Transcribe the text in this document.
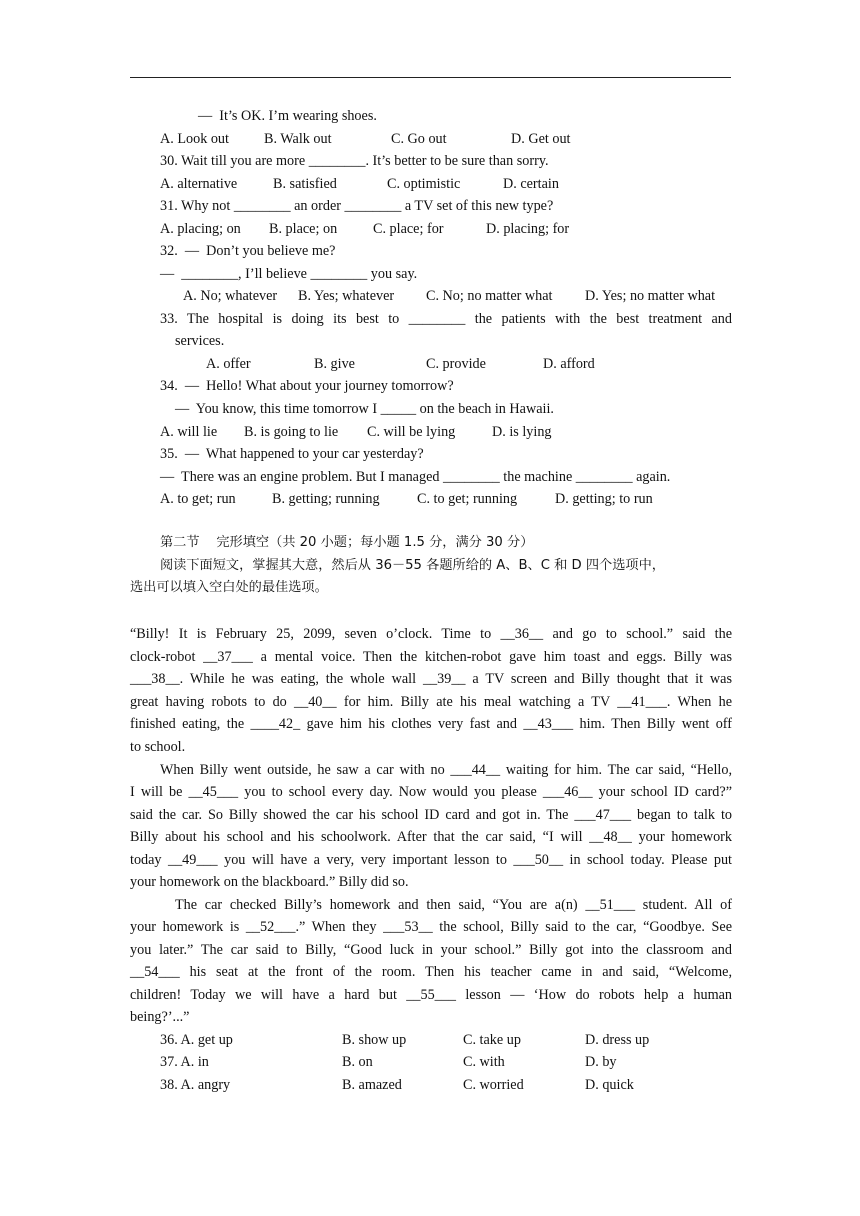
—  It’s OK. I’m wearing shoes.
A. Look out B. Walk out	C. Go out	D. Get out
30. Wait till you are more ________. It’s better to be sure than sorry.
A. alternative	B. satisfied	C. optimistic	D. certain
31. Why not ________ an order ________ a TV set of this new type?
A. placing; on B. place; on	C. place; for	D. placing; for
32.  —  Don’t you believe me?
—  ________, I’ll believe ________ you say.
A. No; whatever B. Yes; whatever C. No; no matter what D. Yes; no matter what
33. The hospital is doing its best to ________ the patients with the best treatment and
services.
A. offer	B. give	C. provide	D. afford
34.  —  Hello! What about your journey tomorrow?
—  You know, this time tomorrow I _____ on the beach in Hawaii.
A. will lie B. is going to lie C. will be lying	D. is lying
35.  —  What happened to your car yesterday?
—  There was an engine problem. But I managed ________ the machine ________ again.
A. to get; run	B. getting; running	C. to get; running	D. getting; to run
第二节    完形填空（共 20 小题；每小题 1.5 分，满分 30 分）
阅读下面短文，掌握其大意，然后从 36－55 各题所给的 A、B、C 和 D 四个选项中，
选出可以填入空白处的最佳选项。
“Billy! It is February 25, 2099, seven o’clock. Time to __36__ and go to school.” said the
clock-robot __37___ a mental voice. Then the kitchen-robot gave him toast and eggs. Billy was
___38__. While he was eating, the whole wall __39__ a TV screen and Billy thought that it was
great having robots to do __40__ for him. Billy ate his meal watching a TV __41___. When he
finished eating, the ____42_ gave him his clothes very fast and __43___ him. Then Billy went off
to school.
When Billy went outside, he saw a car with no ___44__ waiting for him. The car said, “Hello,
I will be __45___ you to school every day. Now would you please ___46__ your school ID card?”
said the car. So Billy showed the car his school ID card and got in. The ___47___ began to talk to
Billy about his school and his schoolwork. After that the car said, “I will __48__ your homework
today __49___ you will have a very, very important lesson to ___50__ in school today. Please put
your homework on the blackboard.” Billy did so.
The car checked Billy’s homework and then said, “You are a(n) __51___ student. All of
your homework is __52___.” When they ___53__ the school, Billy said to the car, “Goodbye. See
you later.” The car said to Billy, “Good luck in your school.” Billy got into the classroom and
__54___ his seat at the front of the room. Then his teacher came in and said, “Welcome,
children! Today we will have a hard but __55___ lesson — ‘How do robots help a human
being?’...”
36. A. get up	B. show up	C. take up	D. dress up
37. A. in	B. on	C. with	D. by
38. A. angry	B. amazed	C. worried	D. quick
